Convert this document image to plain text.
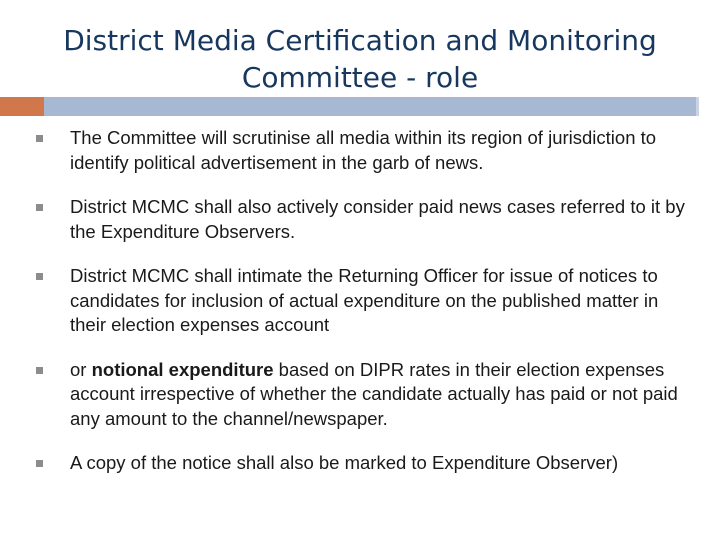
District Media Certification and Monitoring
Committee - role
The Committee will scrutinise all media within its region of jurisdiction to identify political advertisement in the garb of news.
District MCMC shall also actively consider paid news cases referred to it by the Expenditure Observers.
District MCMC shall intimate the Returning Officer for issue of notices to candidates for inclusion of actual expenditure on the published matter in their election expenses account
or notional expenditure based on DIPR rates in their election expenses account irrespective of whether the candidate actually has paid or not paid any amount to the channel/newspaper.
A copy of the notice shall also be marked to Expenditure Observer)
